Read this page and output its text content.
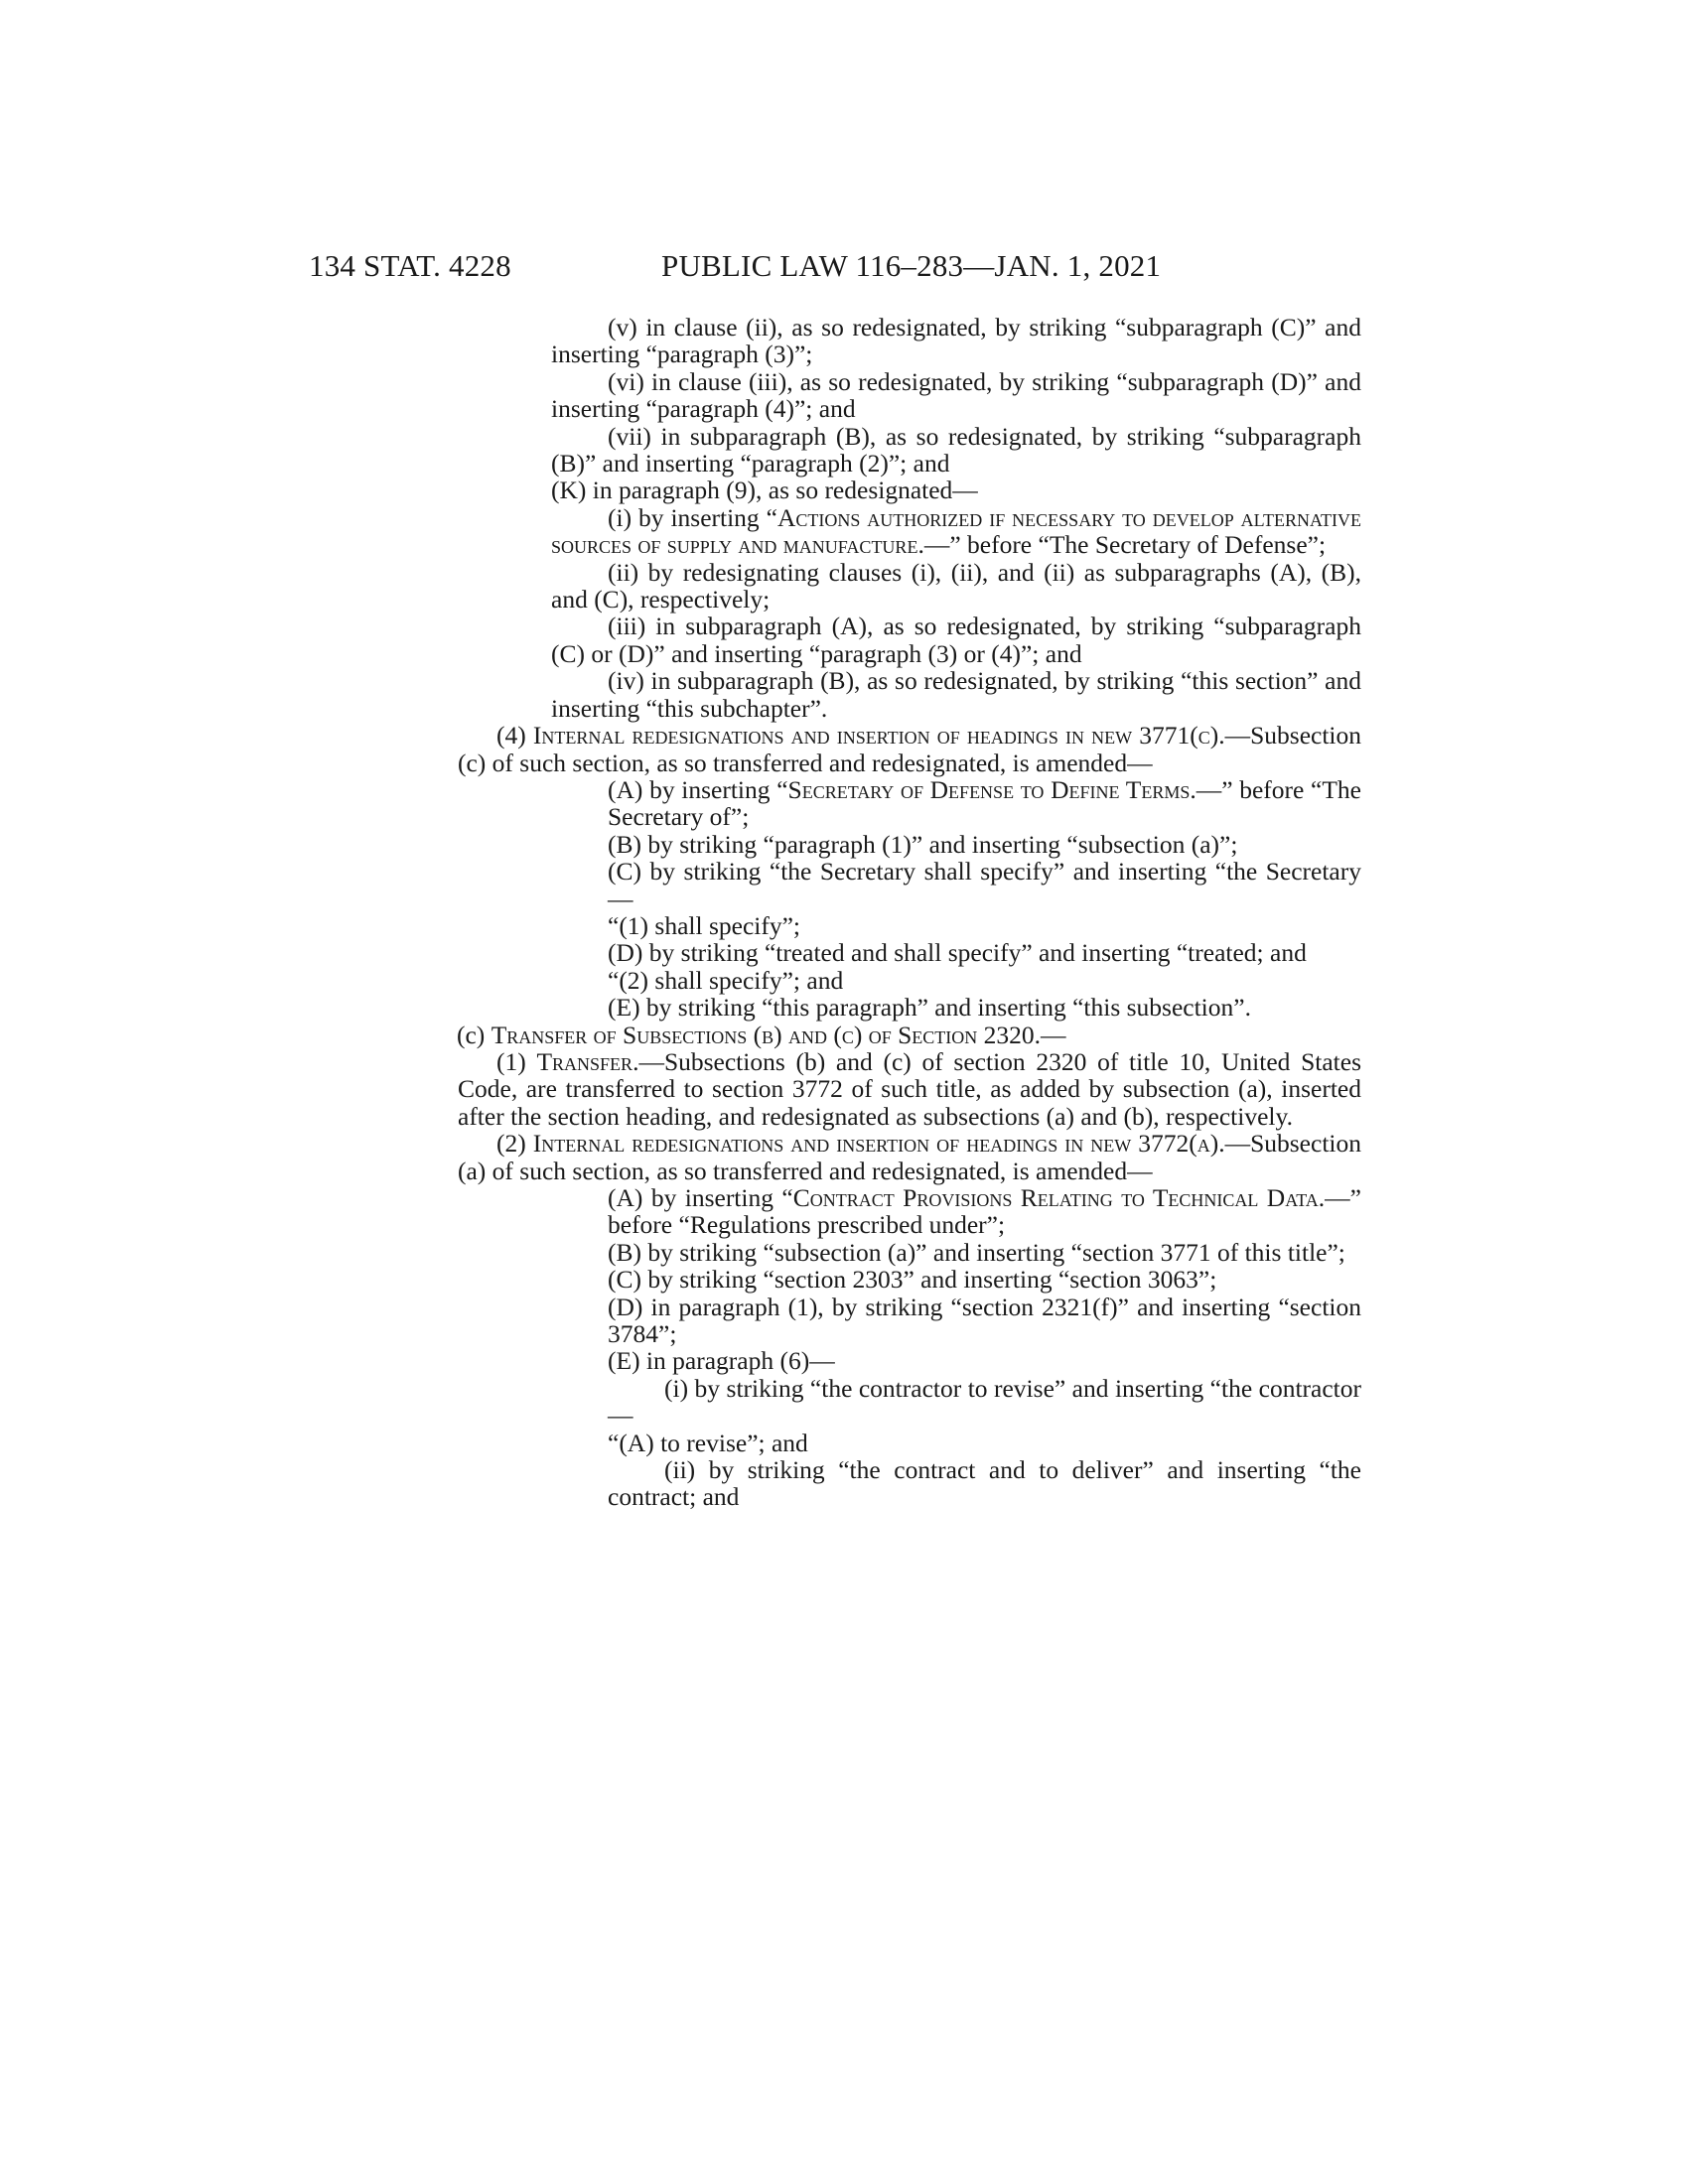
134 STAT. 4228	PUBLIC LAW 116–283—JAN. 1, 2021

(v) in clause (ii), as so redesignated, by striking “subparagraph (C)” and inserting “paragraph (3)”;

(vi) in clause (iii), as so redesignated, by striking “subparagraph (D)” and inserting “paragraph (4)”; and

(vii) in subparagraph (B), as so redesignated, by striking “subparagraph (B)” and inserting “paragraph (2)”; and

(K) in paragraph (9), as so redesignated—

(i) by inserting “Actions authorized if necessary to develop alternative sources of supply and manufacture.—” before “The Secretary of Defense”;

(ii) by redesignating clauses (i), (ii), and (ii) as subparagraphs (A), (B), and (C), respectively;

(iii) in subparagraph (A), as so redesignated, by striking “subparagraph (C) or (D)” and inserting “paragraph (3) or (4)”; and

(iv) in subparagraph (B), as so redesignated, by striking “this section” and inserting “this subchapter”.

(4) Internal redesignations and insertion of headings in new 3771(c).—Subsection (c) of such section, as so transferred and redesignated, is amended—

(A) by inserting “Secretary of Defense to Define Terms.—” before “The Secretary of”;

(B) by striking “paragraph (1)” and inserting “subsection (a)”;

(C) by striking “the Secretary shall specify” and inserting “the Secretary—

“(1) shall specify”;

(D) by striking “treated and shall specify” and inserting “treated; and

“(2) shall specify”; and

(E) by striking “this paragraph” and inserting “this subsection”.

(c) Transfer of Subsections (b) and (c) of Section 2320.—

(1) Transfer.—Subsections (b) and (c) of section 2320 of title 10, United States Code, are transferred to section 3772 of such title, as added by subsection (a), inserted after the section heading, and redesignated as subsections (a) and (b), respectively.

(2) Internal redesignations and insertion of headings in new 3772(a).—Subsection (a) of such section, as so transferred and redesignated, is amended—

(A) by inserting “Contract Provisions Relating to Technical Data.—” before “Regulations prescribed under”;

(B) by striking “subsection (a)” and inserting “section 3771 of this title”;

(C) by striking “section 2303” and inserting “section 3063”;

(D) in paragraph (1), by striking “section 2321(f)” and inserting “section 3784”;

(E) in paragraph (6)—

(i) by striking “the contractor to revise” and inserting “the contractor—

“(A) to revise”; and

(ii) by striking “the contract and to deliver” and inserting “the contract; and
